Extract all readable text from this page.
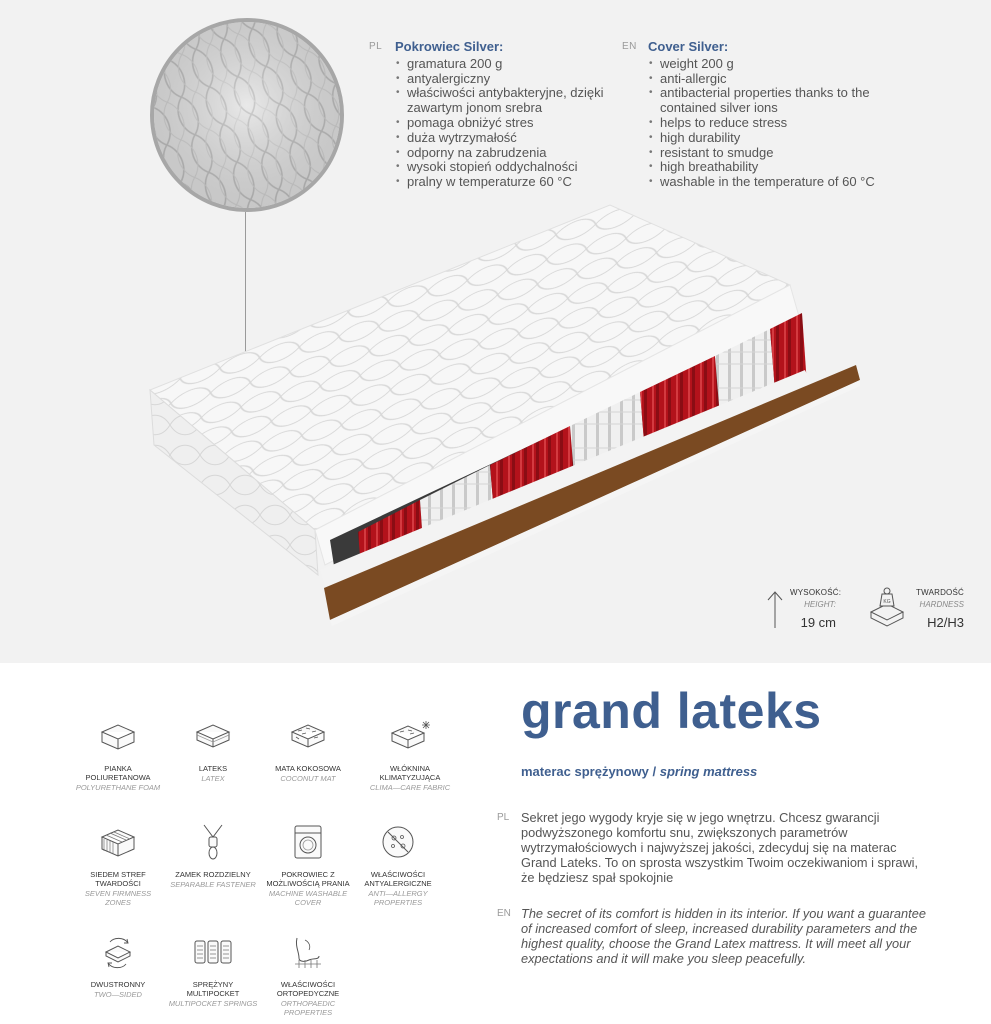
PL Pokrowiec Silver:
• gramatura 200 g
• antyalergiczny
• właściwości antybakteryjne, dzięki zawartym jonom srebra
• pomaga obniżyć stres
• duża wytrzymałość
• odporny na zabrudzenia
• wysoki stopień oddychalności
• pralny w temperaturze 60 °C
EN Cover Silver:
• weight 200 g
• anti-allergic
• antibacterial properties thanks to the contained silver ions
• helps to reduce stress
• high durability
• resistant to smudge
• high breathability
• washable in the temperature of 60 °C
WYSOKOŚĆ:
HEIGHT:
19 cm
KG
TWARDOŚĆ
HARDNESS
H2/H3
PIANKA POLIURETANOWA
POLYURETHANE FOAM
LATEKS
LATEX
MATA KOKOSOWA
COCONUT MAT
WŁÓKNINA KLIMATYZUJĄCA
CLIMA—CARE FABRIC
SIEDEM STREF TWARDOŚCI
SEVEN FIRMNESS ZONES
ZAMEK ROZDZIELNY
SEPARABLE FASTENER
POKROWIEC Z MOŻLIWOŚCIĄ PRANIA
MACHINE WASHABLE COVER
WŁAŚCIWOŚCI ANTYALERGICZNE
ANTI—ALLERGY PROPERTIES
DWUSTRONNY
TWO—SIDED
SPRĘŻYNY MULTIPOCKET
MULTIPOCKET SPRINGS
WŁAŚCIWOŚCI ORTOPEDYCZNE
ORTHOPAEDIC PROPERTIES
grand lateks
materac sprężynowy / spring mattress
PL Sekret jego wygody kryje się w jego wnętrzu. Chcesz gwarancji podwyższonego komfortu snu, zwiększonych parametrów wytrzymałościowych i najwyższej jakości, zdecyduj się na materac Grand Lateks. To on sprosta wszystkim Twoim oczekiwaniom i sprawi, że będziesz spał spokojnie
EN The secret of its comfort is hidden in its interior. If you want a guarantee of increased comfort of sleep, increased durability parameters and the highest quality, choose the Grand Latex mattress. It will meet all your expectations and it will make you sleep peacefully.
